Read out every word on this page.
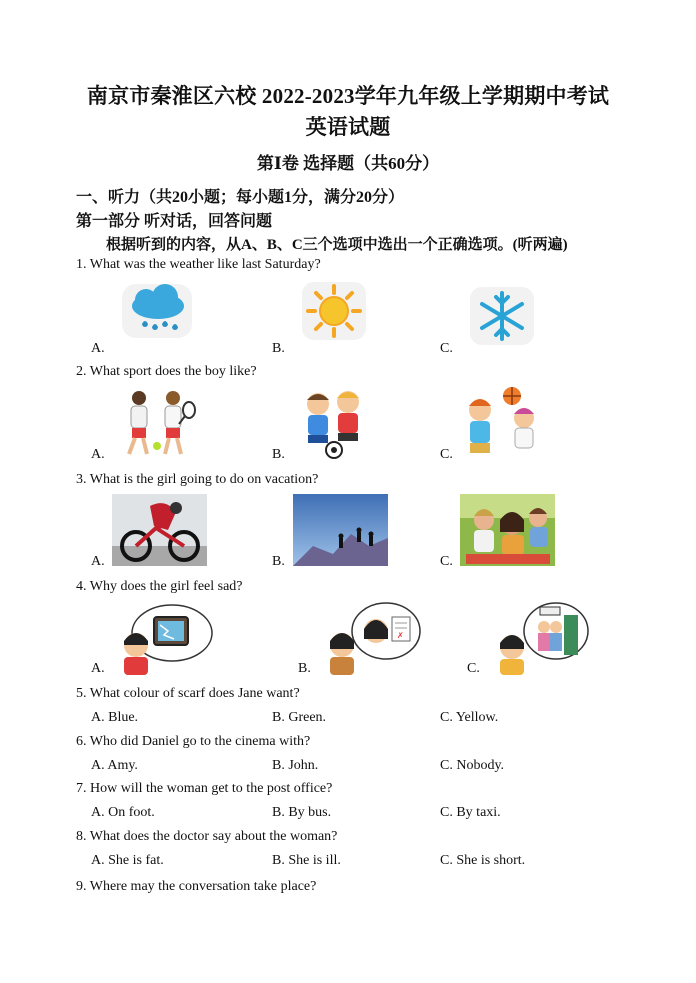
南京市秦淮区六校 2022-2023学年九年级上学期期中考试
英语试题
第Ⅰ卷 选择题（共60分）
一、听力（共20小题；每小题1分，满分20分）
第一部分 听对话，回答问题
根据听到的内容，从A、B、C三个选项中选出一个正确选项。(听两遍)
1. What was the weather like last Saturday?
A.	B.	C.
2. What sport does the boy like?
A.	B.	C.
3. What is the girl going to do on vacation?
A.	B.	C.
4. Why does the girl feel sad?
✗
A.	B.	C.
5. What colour of scarf does Jane want?
A. Blue.	B. Green.	C. Yellow.
6. Who did Daniel go to the cinema with?
A. Amy.	B. John.	C. Nobody.
7. How will the woman get to the post office?
A. On foot.	B. By bus.	C. By taxi.
8. What does the doctor say about the woman?
A. She is fat.	B. She is ill.	C. She is short.
9. Where may the conversation take place?
